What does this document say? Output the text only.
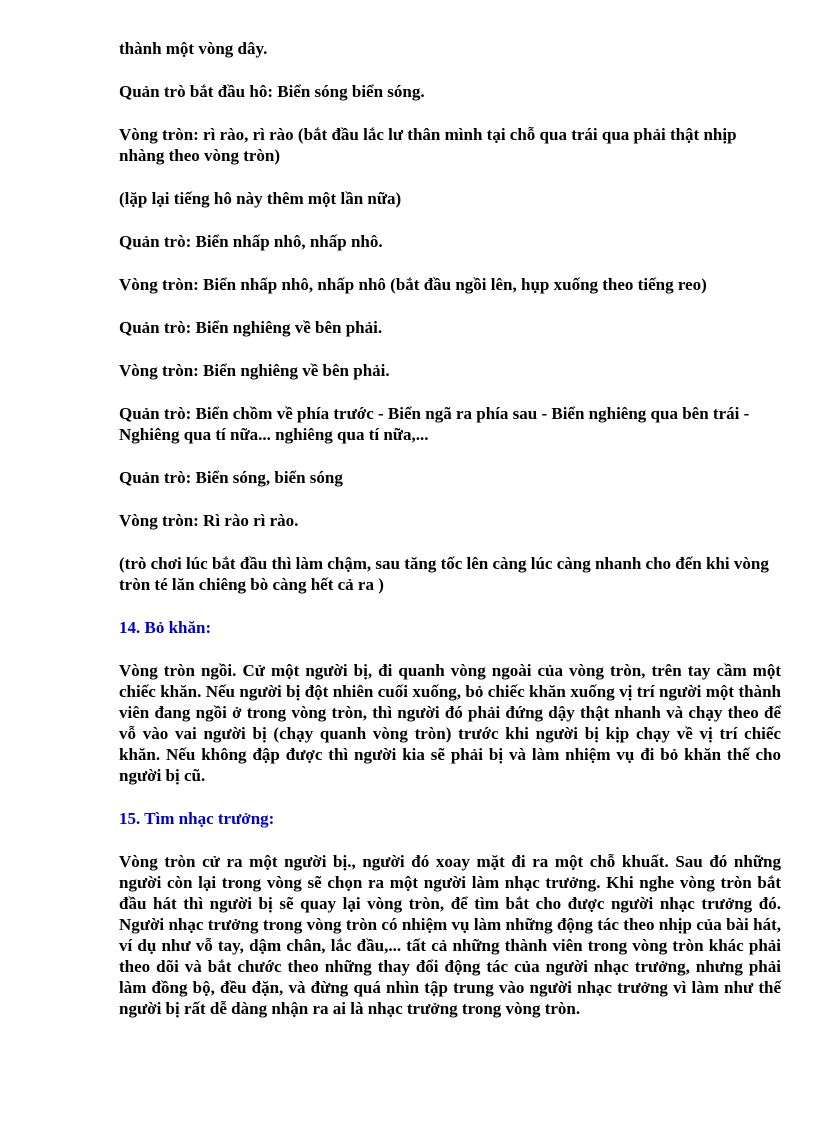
thành một vòng dây.

Quản trò bắt đầu hô: Biển sóng biển sóng.

Vòng tròn: rì rào, rì rào (bắt đầu lắc lư thân mình tại chỗ qua trái qua phải thật nhịp nhàng theo vòng tròn)

(lặp lại tiếng hô này thêm một lần nữa)

Quản trò: Biển nhấp nhô, nhấp nhô.

Vòng tròn: Biển nhấp nhô, nhấp nhô (bắt đầu ngồi lên, hụp xuống theo tiếng reo)

Quản trò: Biển nghiêng về bên phải.

Vòng tròn: Biển nghiêng về bên phải.

Quản trò: Biển chồm về phía trước - Biển ngã ra phía sau - Biển nghiêng qua bên trái - Nghiêng qua tí nữa... nghiêng qua tí nữa,...

Quản trò: Biển sóng, biển sóng

Vòng tròn: Rì rào rì rào.

(trò chơi lúc bắt đầu thì làm chậm, sau tăng tốc lên càng lúc càng nhanh cho đến khi vòng tròn té lăn chiêng bò càng hết cả ra )

14. Bỏ khăn:

Vòng tròn ngồi. Cử một người bị, đi quanh vòng ngoài của vòng tròn, trên tay cầm một chiếc khăn. Nếu người bị đột nhiên cuối xuống, bỏ chiếc khăn xuống vị trí người một thành viên đang ngồi ở trong vòng tròn, thì người đó phải đứng dậy thật nhanh và chạy theo để vỗ vào vai người bị (chạy quanh vòng tròn) trước khi người bị kịp chạy về vị trí chiếc khăn. Nếu không đập được thì người kia sẽ phải bị và làm nhiệm vụ đi bỏ khăn thế cho người bị cũ.

15. Tìm nhạc trưởng:

Vòng tròn cử ra một người bị., người đó xoay mặt đi ra một chỗ khuất. Sau đó những người còn lại trong vòng sẽ chọn ra một người làm nhạc trưởng. Khi nghe vòng tròn bắt đầu hát thì người bị sẽ quay lại vòng tròn, để tìm bắt cho được người nhạc trưởng đó. Người nhạc trưởng trong vòng tròn có nhiệm vụ làm những động tác theo nhịp của bài hát, ví dụ như vỗ tay, dậm chân, lắc đầu,... tất cả những thành viên trong vòng tròn khác phải theo dõi và bắt chước theo những thay đổi động tác của người nhạc trưởng, nhưng phải làm đồng bộ, đều đặn, và đừng quá nhìn tập trung vào người nhạc trưởng vì làm như thế người bị rất dễ dàng nhận ra ai là nhạc trưởng trong vòng tròn.
